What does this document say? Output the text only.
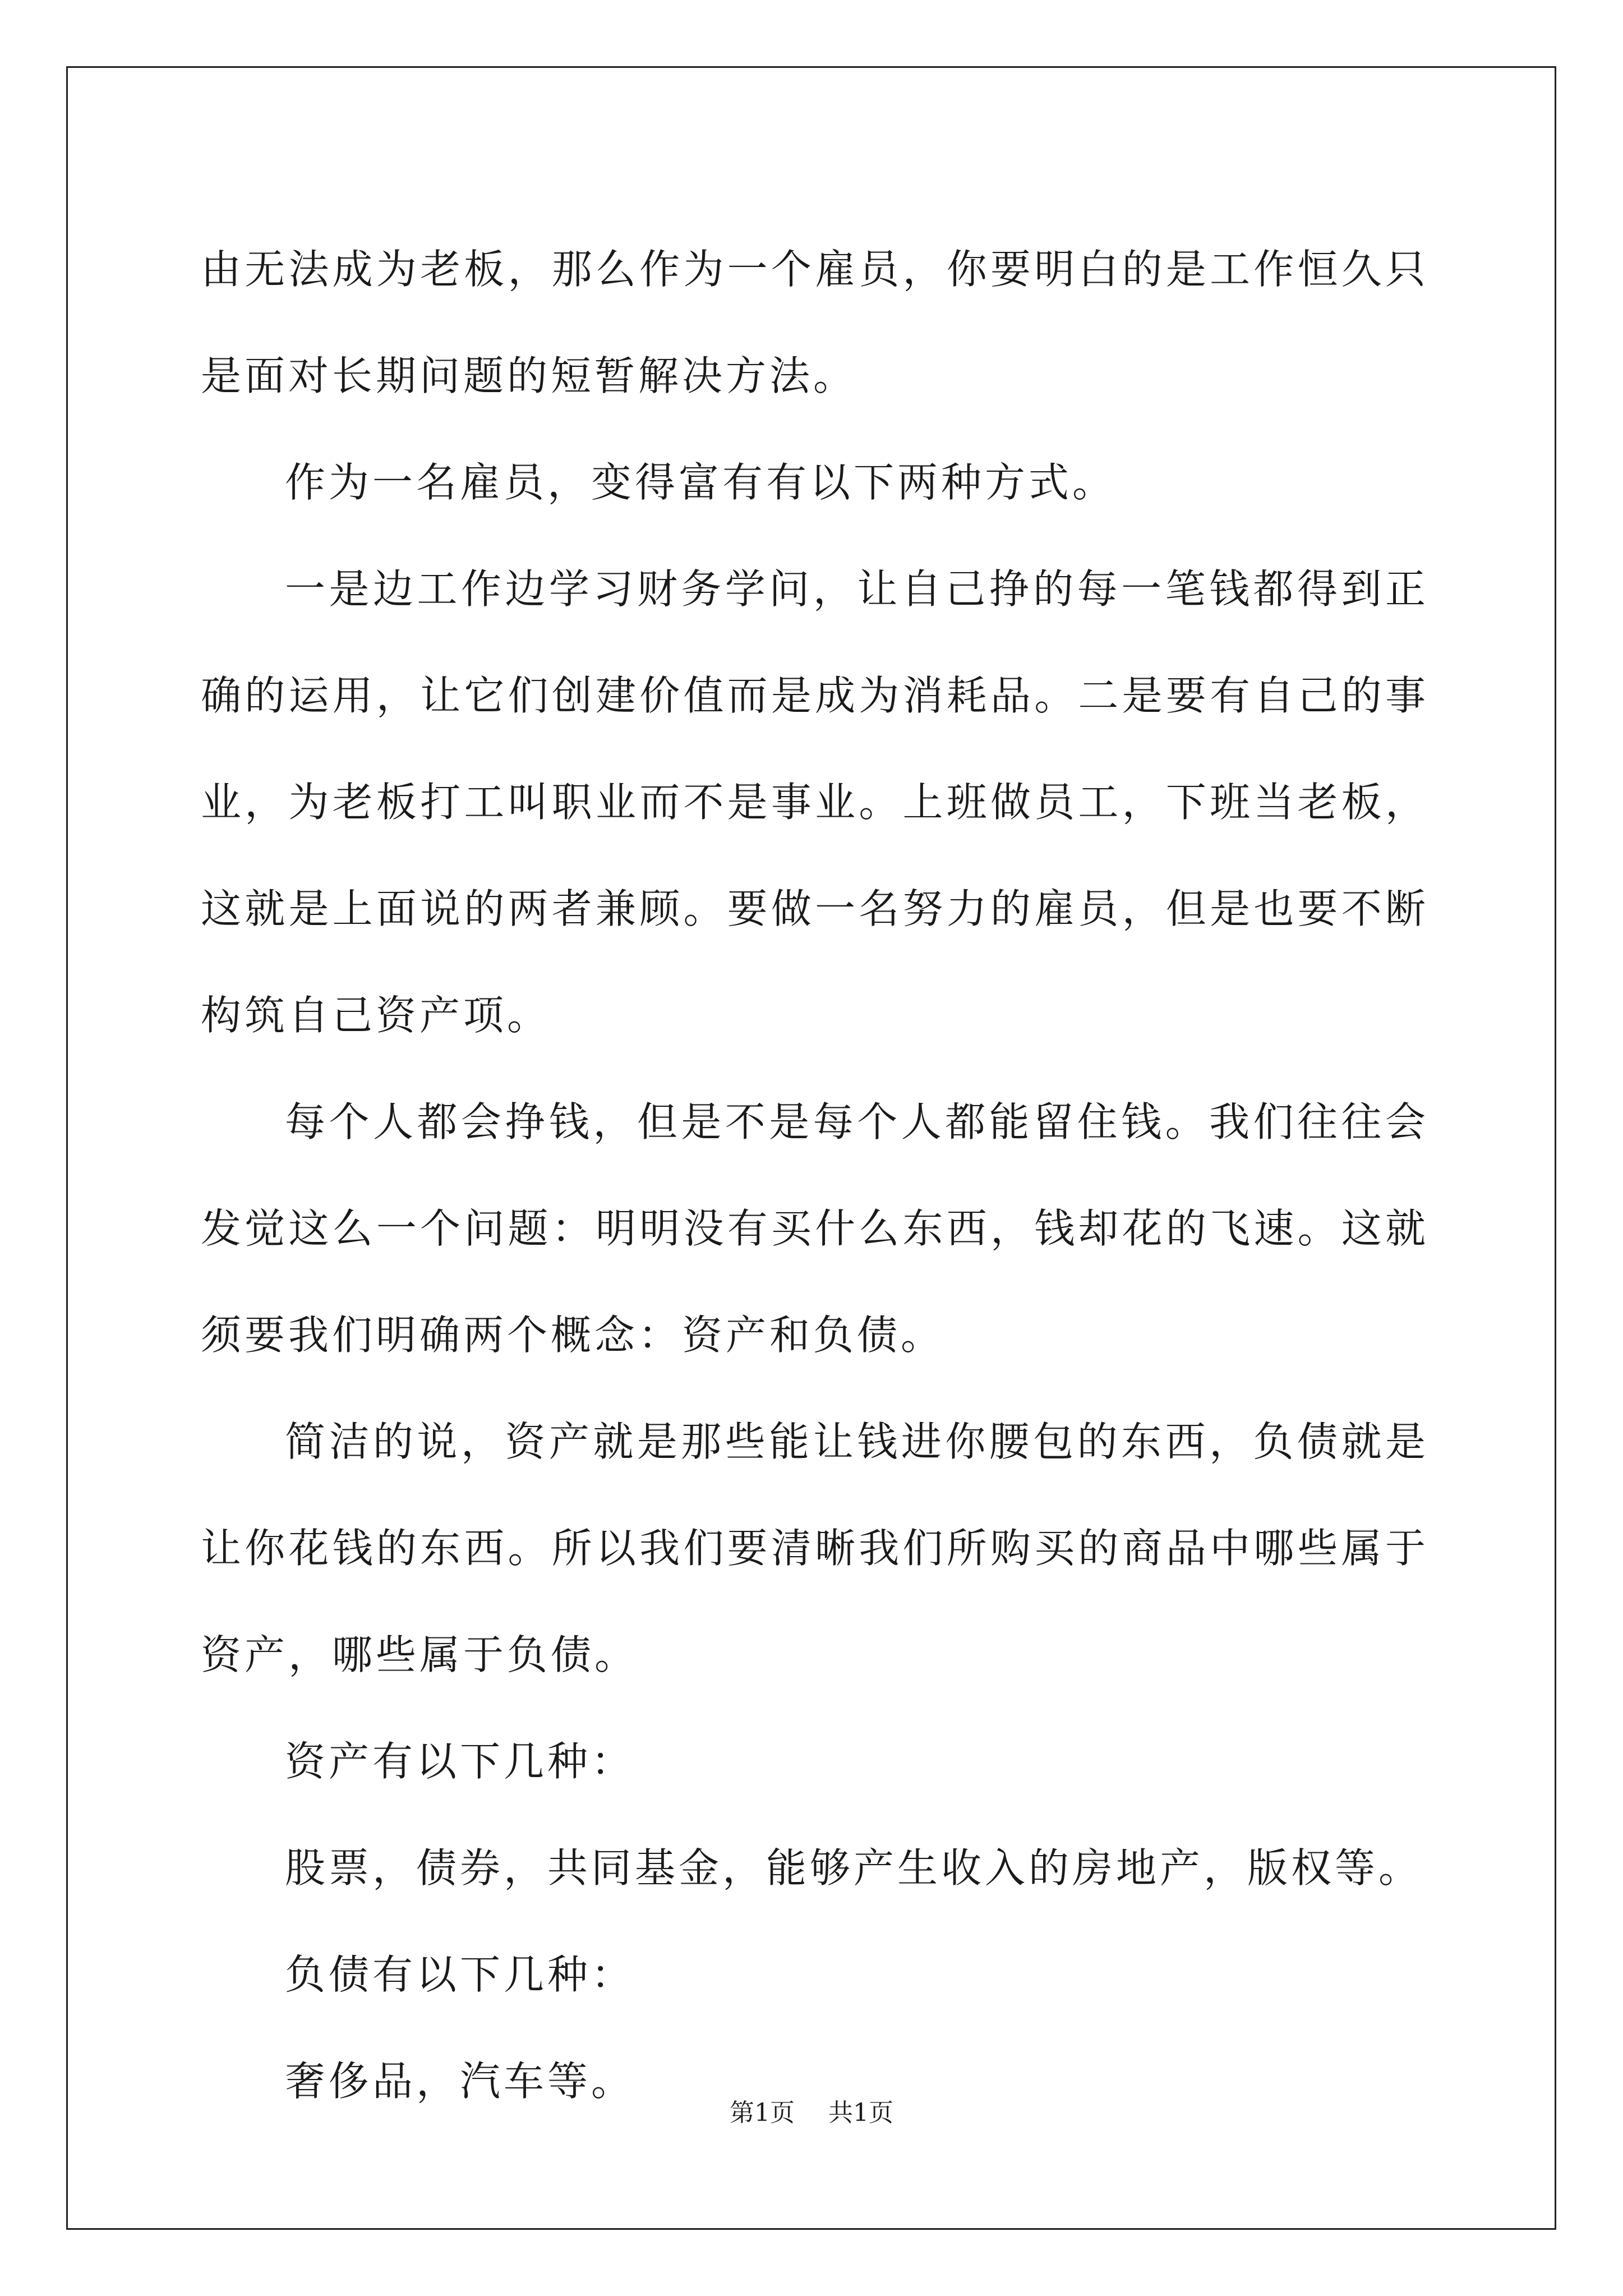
由无法成为老板，那么作为一个雇员，你要明白的是工作恒久只是面对长期问题的短暂解决方法。

作为一名雇员，变得富有有以下两种方式。

一是边工作边学习财务学问，让自己挣的每一笔钱都得到正确的运用，让它们创建价值而是成为消耗品。二是要有自己的事业，为老板打工叫职业而不是事业。上班做员工，下班当老板，这就是上面说的两者兼顾。要做一名努力的雇员，但是也要不断构筑自己资产项。

每个人都会挣钱，但是不是每个人都能留住钱。我们往往会发觉这么一个问题：明明没有买什么东西，钱却花的飞速。这就须要我们明确两个概念：资产和负债。

简洁的说，资产就是那些能让钱进你腰包的东西，负债就是让你花钱的东西。所以我们要清晰我们所购买的商品中哪些属于资产，哪些属于负债。

资产有以下几种：

股票，债券，共同基金，能够产生收入的房地产，版权等。

负债有以下几种：

奢侈品，汽车等。

第1页 共1页
